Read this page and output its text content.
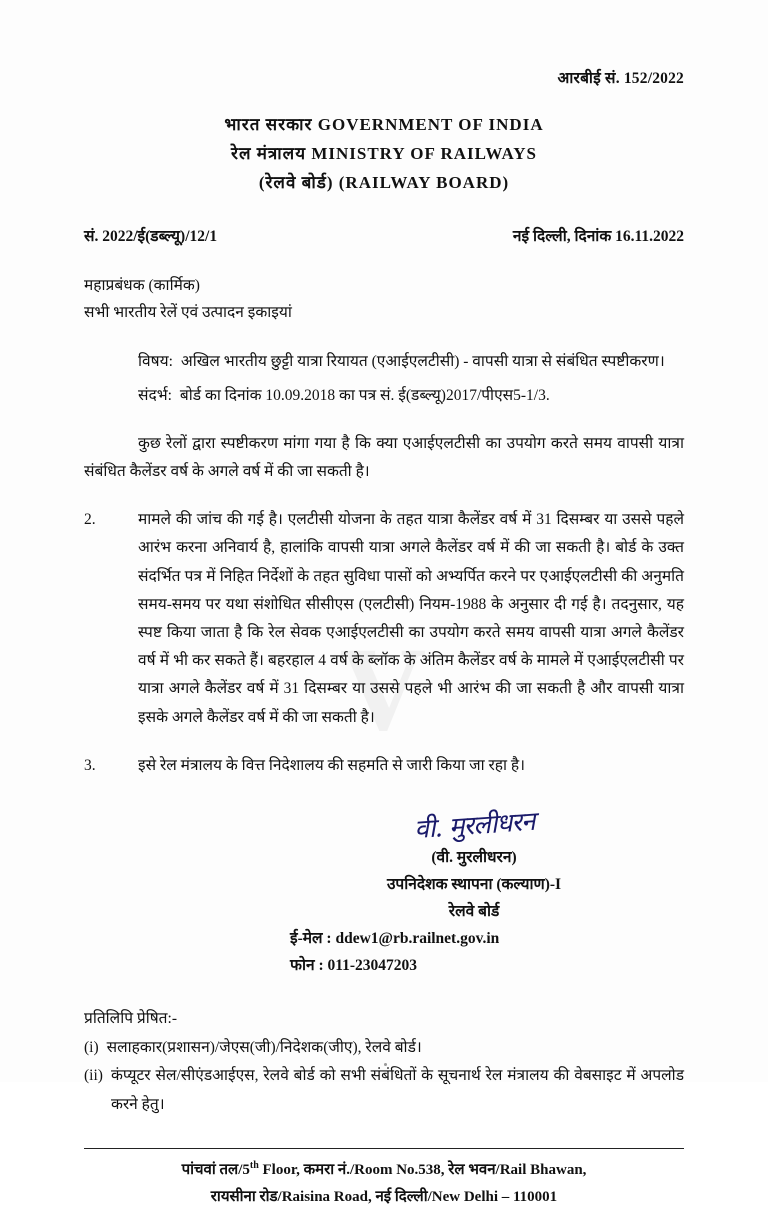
V
आरबीई सं. 152/2022
भारत सरकार GOVERNMENT OF INDIA
रेल मंत्रालय MINISTRY OF RAILWAYS
(रेलवे बोर्ड) (RAILWAY BOARD)
सं. 2022/ई(डब्ल्यू)/12/1	नई दिल्ली, दिनांक 16.11.2022
महाप्रबंधक (कार्मिक)
सभी भारतीय रेलें एवं उत्पादन इकाइयां
विषय: अखिल भारतीय छुट्टी यात्रा रियायत (एआईएलटीसी) - वापसी यात्रा से संबंधित स्पष्टीकरण।
संदर्भ: बोर्ड का दिनांक 10.09.2018 का पत्र सं. ई(डब्ल्यू)2017/पीएस5-1/3.
कुछ रेलों द्वारा स्पष्टीकरण मांगा गया है कि क्या एआईएलटीसी का उपयोग करते समय वापसी यात्रा संबंधित कैलेंडर वर्ष के अगले वर्ष में की जा सकती है।
2.	मामले की जांच की गई है। एलटीसी योजना के तहत यात्रा कैलेंडर वर्ष में 31 दिसम्बर या उससे पहले आरंभ करना अनिवार्य है, हालांकि वापसी यात्रा अगले कैलेंडर वर्ष में की जा सकती है। बोर्ड के उक्त संदर्भित पत्र में निहित निर्देशों के तहत सुविधा पासों को अभ्यर्पित करने पर एआईएलटीसी की अनुमति समय-समय पर यथा संशोधित सीसीएस (एलटीसी) नियम-1988 के अनुसार दी गई है। तदनुसार, यह स्पष्ट किया जाता है कि रेल सेवक एआईएलटीसी का उपयोग करते समय वापसी यात्रा अगले कैलेंडर वर्ष में भी कर सकते हैं। बहरहाल 4 वर्ष के ब्लॉक के अंतिम कैलेंडर वर्ष के मामले में एआईएलटीसी पर यात्रा अगले कैलेंडर वर्ष में 31 दिसम्बर या उससे पहले भी आरंभ की जा सकती है और वापसी यात्रा इसके अगले कैलेंडर वर्ष में की जा सकती है।
3.	इसे रेल मंत्रालय के वित्त निदेशालय की सहमति से जारी किया जा रहा है।
वी. मुरलीधरन
(वी. मुरलीधरन)
उपनिदेशक स्थापना (कल्याण)-I
रेलवे बोर्ड
ई-मेल : ddew1@rb.railnet.gov.in
फोन : 011-23047203
प्रतिलिपि प्रेषित:-
(i) सलाहकार(प्रशासन)/जेएस(जी)/निदेशक(जीए), रेलवे बोर्ड।
(ii) कंप्यूटर सेल/सीएंडआईएस, रेलवे बोर्ड को सभी संबंधितों के सूचनार्थ रेल मंत्रालय की वेबसाइट में अपलोड करने हेतु।
पांचवां तल/5th Floor, कमरा नं./Room No.538, रेल भवन/Rail Bhawan,
रायसीना रोड/Raisina Road, नई दिल्ली/New Delhi – 110001
